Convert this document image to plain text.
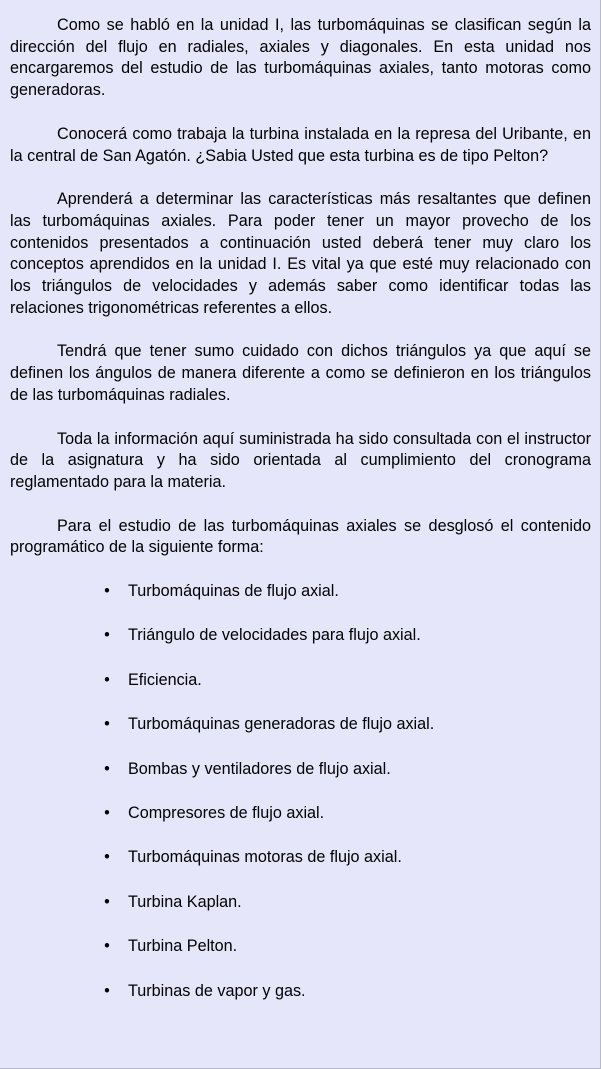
Como se habló en la unidad I, las turbomáquinas se clasifican según la dirección del flujo en radiales, axiales y diagonales. En esta unidad nos encargaremos del estudio de las turbomáquinas axiales, tanto motoras como generadoras.

Conocerá como trabaja la turbina instalada en la represa del Uribante, en la central de San Agatón. ¿Sabia Usted que esta turbina es de tipo Pelton?

Aprenderá a determinar las características más resaltantes que definen las turbomáquinas axiales. Para poder tener un mayor provecho de los contenidos presentados a continuación usted deberá tener muy claro los conceptos aprendidos en la unidad I. Es vital ya que esté muy relacionado con los triángulos de velocidades y además saber como identificar todas las relaciones trigonométricas referentes a ellos.

Tendrá que tener sumo cuidado con dichos triángulos ya que aquí se definen los ángulos de manera diferente a como se definieron en los triángulos de las turbomáquinas radiales.

Toda la información aquí suministrada ha sido consultada con el instructor de la asignatura y ha sido orientada al cumplimiento del cronograma reglamentado para la materia.

Para el estudio de las turbomáquinas axiales se desglosó el contenido programático de la siguiente forma:

• Turbomáquinas de flujo axial.
• Triángulo de velocidades para flujo axial.
• Eficiencia.
• Turbomáquinas generadoras de flujo axial.
• Bombas y ventiladores de flujo axial.
• Compresores de flujo axial.
• Turbomáquinas motoras de flujo axial.
• Turbina Kaplan.
• Turbina Pelton.
• Turbinas de vapor y gas.
